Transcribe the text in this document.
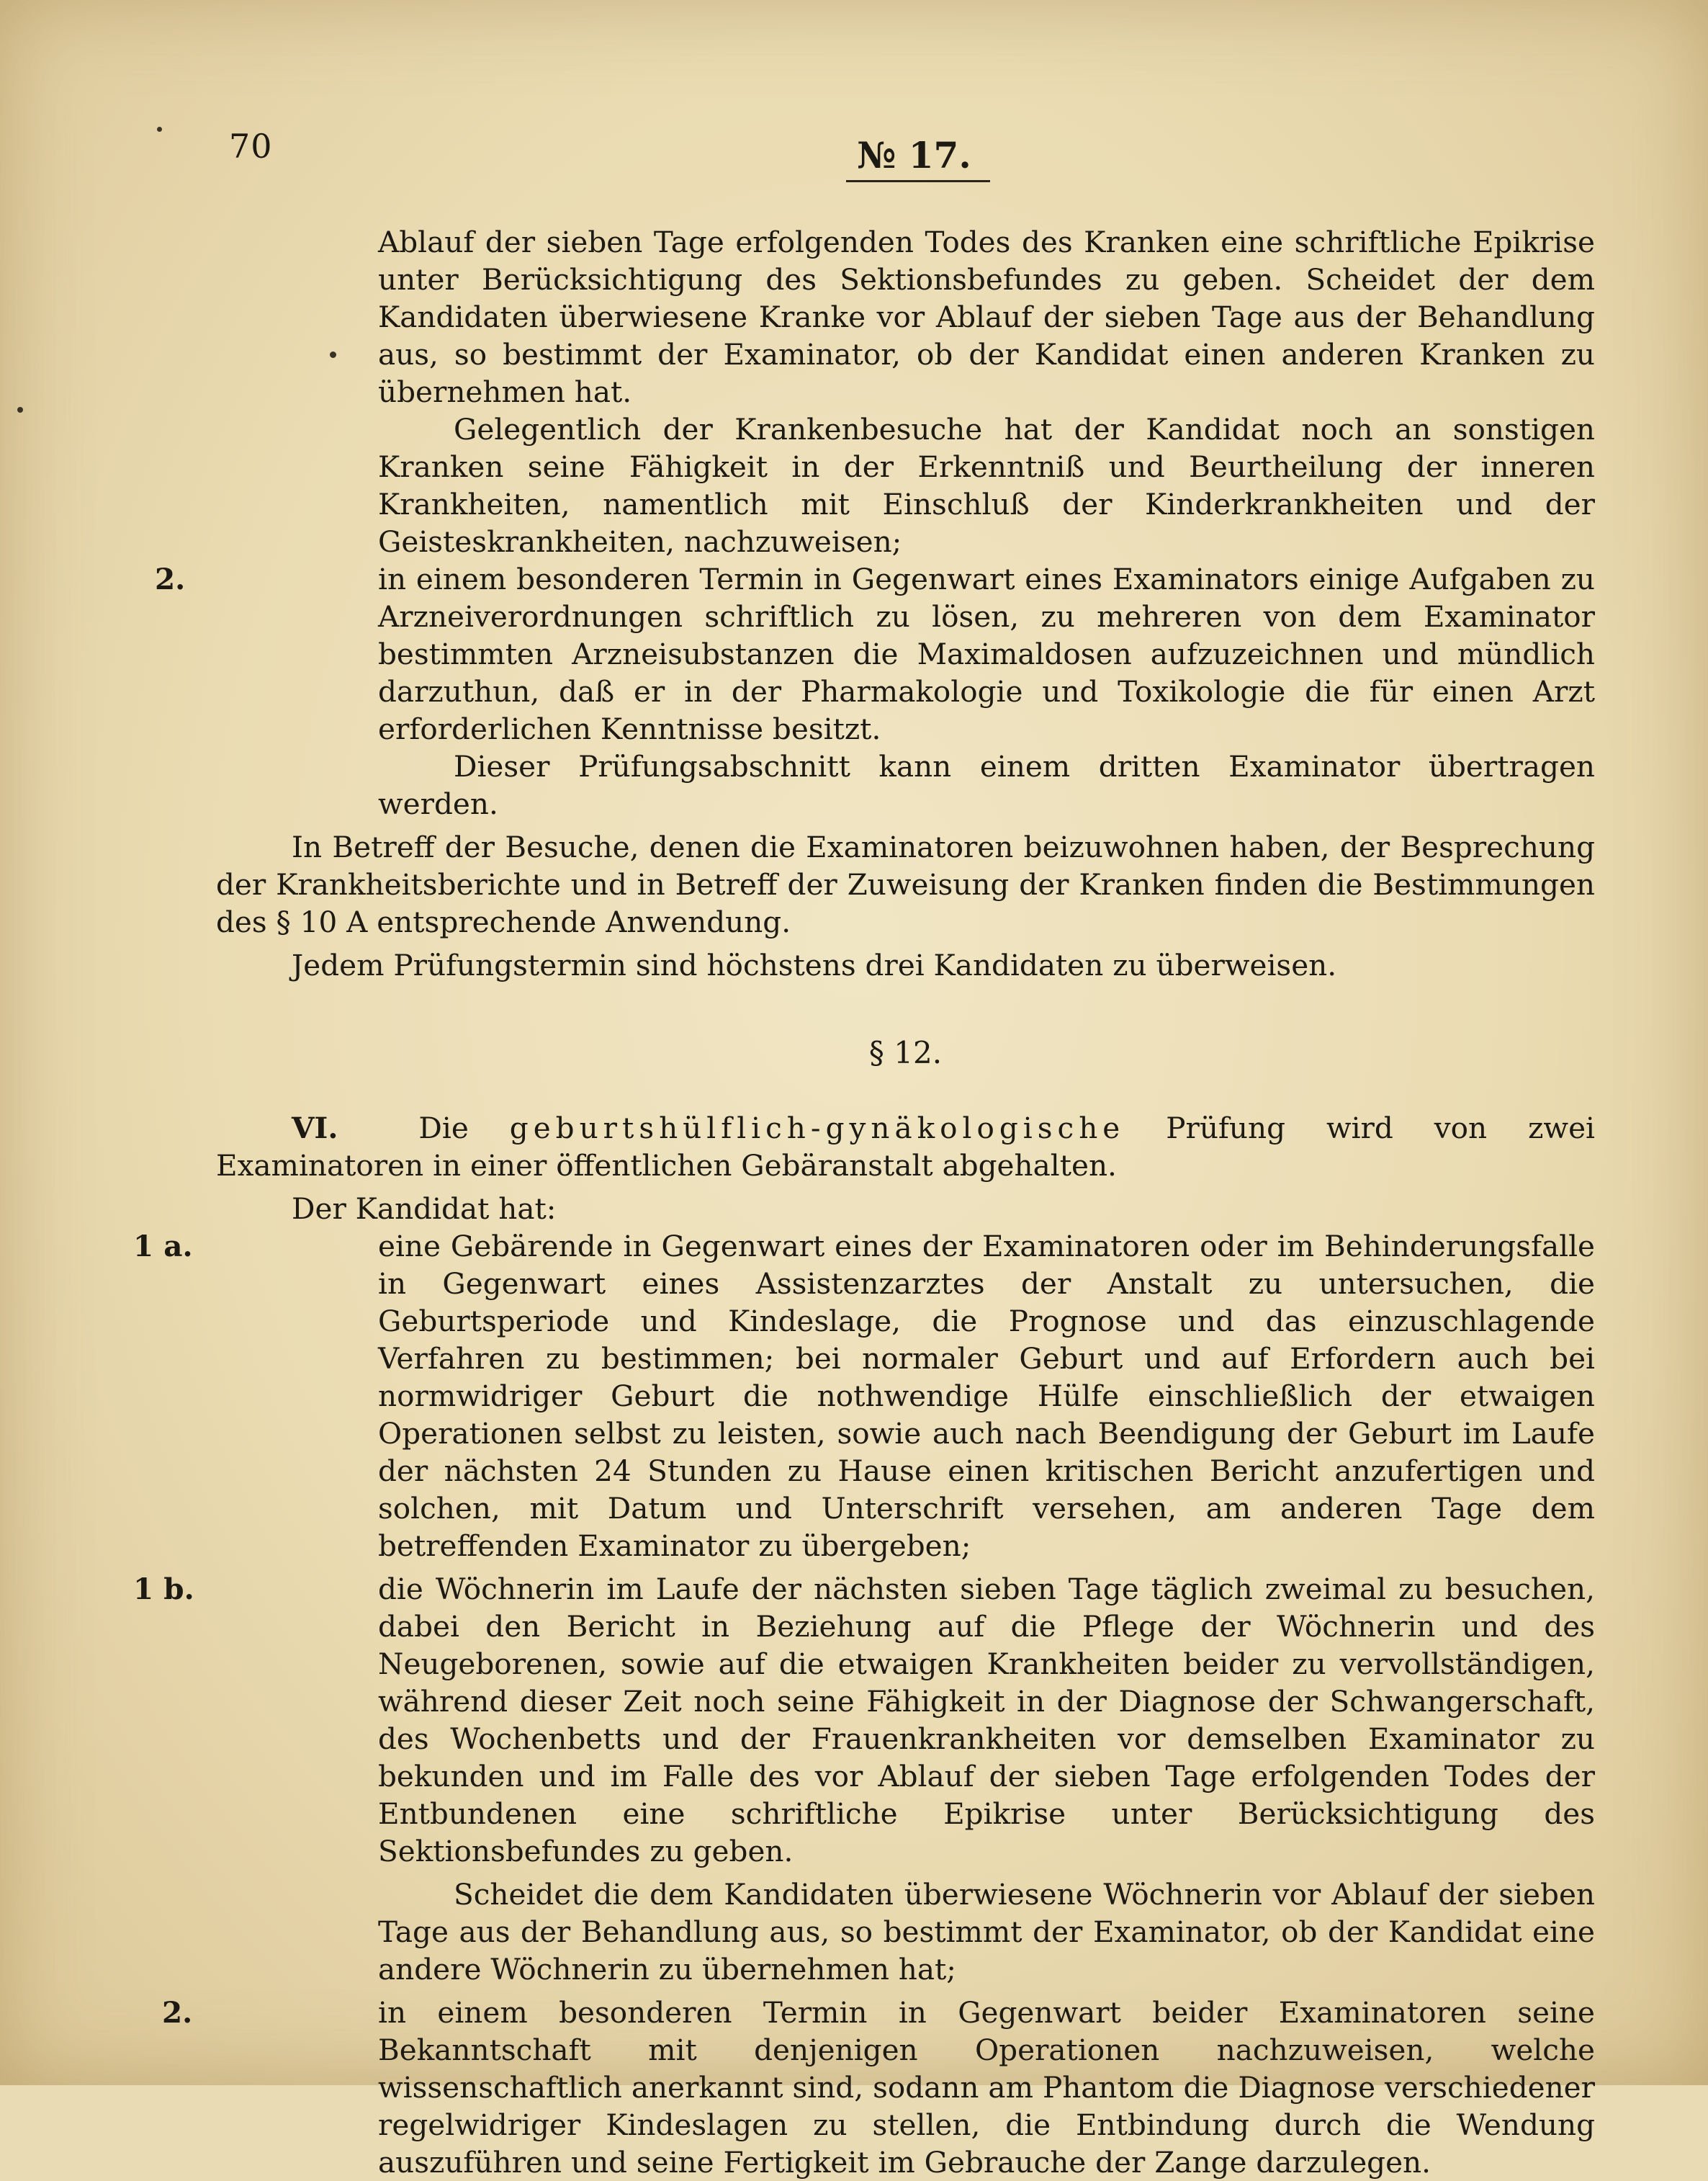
70	№ 17.

Ablauf der sieben Tage erfolgenden Todes des Kranken eine schriftliche Epikrise unter Berücksichtigung des Sektionsbefundes zu geben. Scheidet der dem Kandidaten überwiesene Kranke vor Ablauf der sieben Tage aus der Behandlung aus, so bestimmt der Examinator, ob der Kandidat einen anderen Kranken zu übernehmen hat.

Gelegentlich der Krankenbesuche hat der Kandidat noch an sonstigen Kranken seine Fähigkeit in der Erkenntniß und Beurtheilung der inneren Krankheiten, namentlich mit Einschluß der Kinderkrankheiten und der Geisteskrankheiten, nachzuweisen;

2.	in einem besonderen Termin in Gegenwart eines Examinators einige Aufgaben zu Arzneiverordnungen schriftlich zu lösen, zu mehreren von dem Examinator bestimmten Arzneisubstanzen die Maximaldosen aufzuzeichnen und mündlich darzuthun, daß er in der Pharmakologie und Toxikologie die für einen Arzt erforderlichen Kenntnisse besitzt.

Dieser Prüfungsabschnitt kann einem dritten Examinator übertragen werden.

In Betreff der Besuche, denen die Examinatoren beizuwohnen haben, der Besprechung der Krankheitsberichte und in Betreff der Zuweisung der Kranken finden die Bestimmungen des § 10 A entsprechende Anwendung.

Jedem Prüfungstermin sind höchstens drei Kandidaten zu überweisen.

§ 12.

VI.	Die geburtshülflich-gynäkologische Prüfung wird von zwei Examinatoren in einer öffentlichen Gebäranstalt abgehalten.

Der Kandidat hat:

1 a.	eine Gebärende in Gegenwart eines der Examinatoren oder im Behinderungsfalle in Gegenwart eines Assistenzarztes der Anstalt zu untersuchen, die Geburtsperiode und Kindeslage, die Prognose und das einzuschlagende Verfahren zu bestimmen; bei normaler Geburt und auf Erfordern auch bei normwidriger Geburt die nothwendige Hülfe einschließlich der etwaigen Operationen selbst zu leisten, sowie auch nach Beendigung der Geburt im Laufe der nächsten 24 Stunden zu Hause einen kritischen Bericht anzufertigen und solchen, mit Datum und Unterschrift versehen, am anderen Tage dem betreffenden Examinator zu übergeben;

1 b.	die Wöchnerin im Laufe der nächsten sieben Tage täglich zweimal zu besuchen, dabei den Bericht in Beziehung auf die Pflege der Wöchnerin und des Neugeborenen, sowie auf die etwaigen Krankheiten beider zu vervollständigen, während dieser Zeit noch seine Fähigkeit in der Diagnose der Schwangerschaft, des Wochenbetts und der Frauenkrankheiten vor demselben Examinator zu bekunden und im Falle des vor Ablauf der sieben Tage erfolgenden Todes der Entbundenen eine schriftliche Epikrise unter Berücksichtigung des Sektionsbefundes zu geben.

Scheidet die dem Kandidaten überwiesene Wöchnerin vor Ablauf der sieben Tage aus der Behandlung aus, so bestimmt der Examinator, ob der Kandidat eine andere Wöchnerin zu übernehmen hat;

2.	in einem besonderen Termin in Gegenwart beider Examinatoren seine Bekanntschaft mit denjenigen Operationen nachzuweisen, welche wissenschaftlich anerkannt sind, sodann am Phantom die Diagnose verschiedener regelwidriger Kindeslagen zu stellen, die Entbindung durch die Wendung auszuführen und seine Fertigkeit im Gebrauche der Zange darzulegen.
